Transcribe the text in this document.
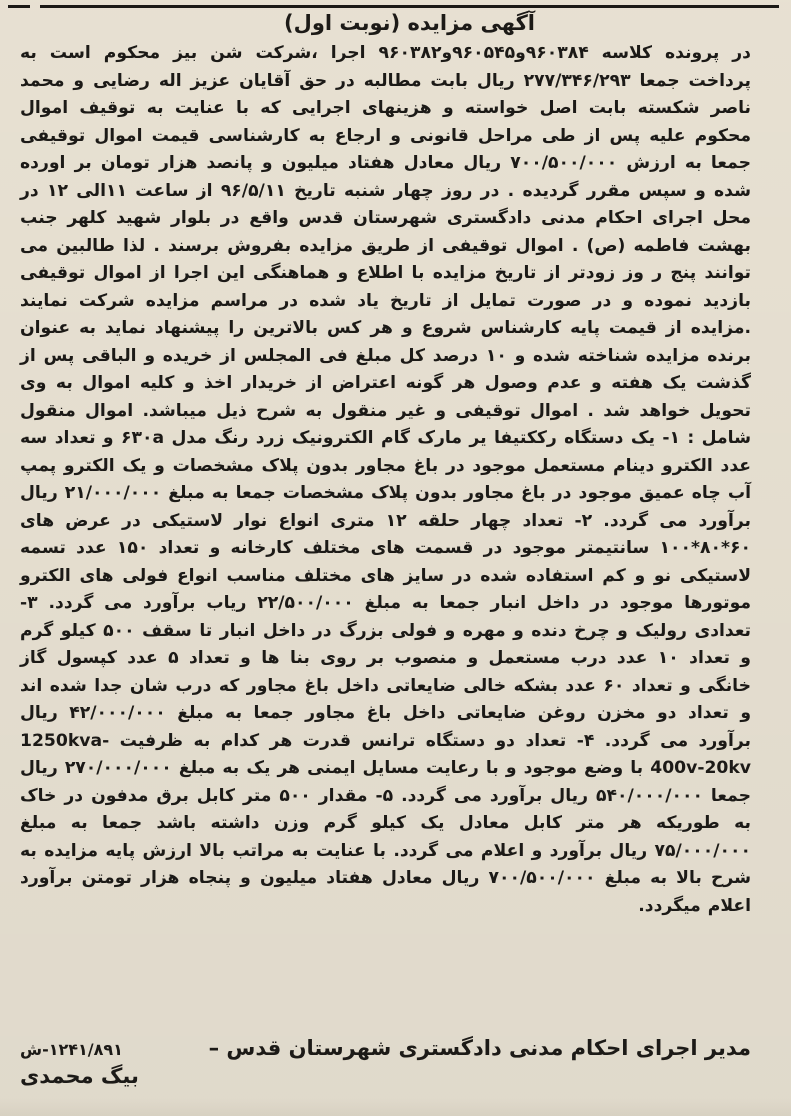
آگهی مزایده (نوبت اول)

در پرونده کلاسه ۹۶۰۳۸۴و۹۶۰۵۴۵و۹۶۰۳۸۲ اجرا ،شرکت شن بیز محکوم است به پرداخت جمعا ۲۷۷/۳۴۶/۲۹۳ ریال بابت مطالبه در حق آقایان عزیز اله رضایی و محمد ناصر شکسته بابت اصل خواسته و هزینهای اجرایی که با عنایت به توقیف اموال محکوم علیه پس از طی مراحل قانونی و ارجاع به کارشناسی قیمت اموال توقیفی جمعا به ارزش ۷۰۰/۵۰۰/۰۰۰ ریال معادل هفتاد میلیون و پانصد هزار تومان بر اورده شده و سپس مقرر گردیده . در روز چهار شنبه تاریخ ۹۶/۵/۱۱ از ساعت ۱۱الی ۱۲ در محل اجرای احکام مدنی دادگستری شهرستان قدس واقع در بلوار شهید کلهر جنب بهشت فاطمه (ص) . اموال توقیفی از طریق مزایده بفروش برسند . لذا طالبین می توانند پنج ر وز زودتر از تاریخ مزایده با اطلاع و هماهنگی این اجرا از اموال توقیفی بازدید نموده و در صورت تمایل از تاریخ یاد شده در مراسم مزایده شرکت نمایند .مزایده از قیمت پایه کارشناس شروع و هر کس بالاترین را پیشنهاد نماید به عنوان برنده مزایده شناخته شده و ۱۰ درصد کل مبلغ فی المجلس از خریده و الباقی پس از گذشت یک هفته و عدم وصول هر گونه اعتراض از خریدار اخذ و کلیه اموال به وی تحویل خواهد شد . اموال توقیفی و غیر منقول به شرح ذیل میباشد. اموال منقول شامل : ۱- یک دستگاه رککتیفا یر مارک گام الکترونیک زرد رنگ مدل ۶۳۰a و تعداد سه عدد الکترو دینام مستعمل موجود در باغ مجاور بدون پلاک مشخصات و یک الکترو پمپ آب چاه عمیق موجود در باغ مجاور بدون پلاک مشخصات جمعا به مبلغ ۲۱/۰۰۰/۰۰۰ ریال برآورد می گردد. ۲- تعداد چهار حلقه ۱۲ متری انواع نوار لاستیکی در عرض های ۶۰*۸۰*۱۰۰ سانتیمتر موجود در قسمت های مختلف کارخانه و تعداد ۱۵۰ عدد تسمه لاستیکی نو و کم استفاده شده در سایز های مختلف مناسب انواع فولی های الکترو موتورها موجود در داخل انبار جمعا به مبلغ ۲۲/۵۰۰/۰۰۰ ریاب برآورد می گردد. ۳- تعدادی رولیک و چرخ دنده و مهره و فولی بزرگ در داخل انبار تا سقف ۵۰۰ کیلو گرم و تعداد ۱۰ عدد درب مستعمل و منصوب بر روی بنا ها و تعداد ۵ عدد کپسول گاز خانگی و تعداد ۶۰ عدد بشکه خالی ضایعاتی داخل باغ مجاور که درب شان جدا شده اند و تعداد دو مخزن روغن ضایعاتی داخل باغ مجاور جمعا به مبلغ ۴۲/۰۰۰/۰۰۰ ریال برآورد می گردد. ۴- تعداد دو دستگاه ترانس قدرت هر کدام به ظرفیت 1250kva-400v-20kv با وضع موجود و با رعایت مسایل ایمنی هر یک به مبلغ ۲۷۰/۰۰۰/۰۰۰ ریال جمعا ۵۴۰/۰۰۰/۰۰۰ ریال برآورد می گردد. ۵- مقدار ۵۰۰ متر کابل برق مدفون در خاک به طوریکه هر متر کابل معادل یک کیلو گرم وزن داشته باشد جمعا به مبلغ ۷۵/۰۰۰/۰۰۰ ریال برآورد و اعلام می گردد. با عنایت به مراتب بالا ارزش پایه مزایده به شرح بالا به مبلغ ۷۰۰/۵۰۰/۰۰۰ ریال معادل هفتاد میلیون و پنجاه هزار تومتن برآورد اعلام میگردد.

مدیر اجرای احکام مدنی دادگستری شهرستان قدس –
۱۲۴۱/۸۹۱-ش
بیگ محمدی
